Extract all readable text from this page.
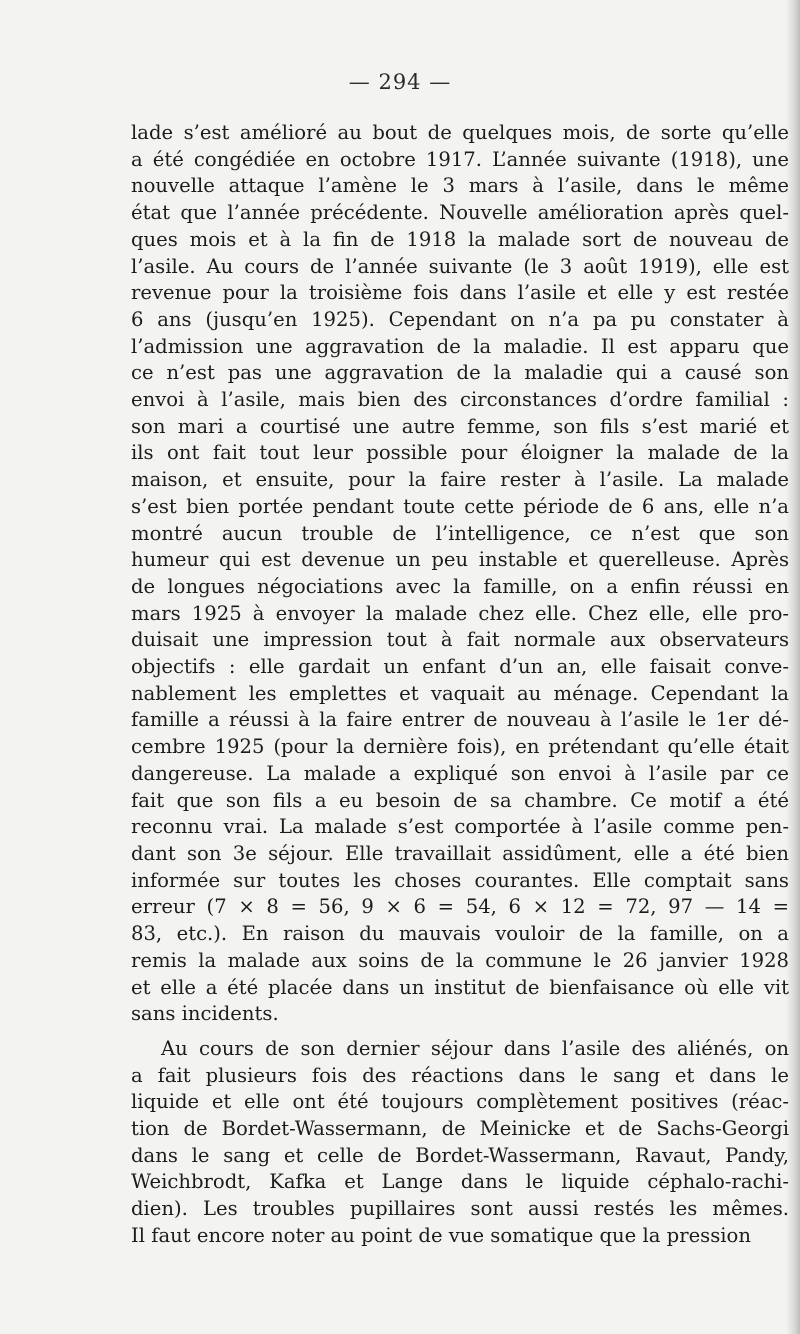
— 294 —
lade s’est amélioré au bout de quelques mois, de sorte qu’elle
a été congédiée en octobre 1917. L’année suivante (1918), une
nouvelle attaque l’amène le 3 mars à l’asile, dans le même
état que l’année précédente. Nouvelle amélioration après quel-
ques mois et à la fin de 1918 la malade sort de nouveau de
l’asile. Au cours de l’année suivante (le 3 août 1919), elle est
revenue pour la troisième fois dans l’asile et elle y est restée
6 ans (jusqu’en 1925). Cependant on n’a pa pu constater à
l’admission une aggravation de la maladie. Il est apparu que
ce n’est pas une aggravation de la maladie qui a causé son
envoi à l’asile, mais bien des circonstances d’ordre familial :
son mari a courtisé une autre femme, son fils s’est marié et
ils ont fait tout leur possible pour éloigner la malade de la
maison, et ensuite, pour la faire rester à l’asile. La malade
s’est bien portée pendant toute cette période de 6 ans, elle n’a
montré aucun trouble de l’intelligence, ce n’est que son
humeur qui est devenue un peu instable et querelleuse. Après
de longues négociations avec la famille, on a enfin réussi en
mars 1925 à envoyer la malade chez elle. Chez elle, elle pro-
duisait une impression tout à fait normale aux observateurs
objectifs : elle gardait un enfant d’un an, elle faisait conve-
nablement les emplettes et vaquait au ménage. Cependant la
famille a réussi à la faire entrer de nouveau à l’asile le 1er dé-
cembre 1925 (pour la dernière fois), en prétendant qu’elle était
dangereuse. La malade a expliqué son envoi à l’asile par ce
fait que son fils a eu besoin de sa chambre. Ce motif a été
reconnu vrai. La malade s’est comportée à l’asile comme pen-
dant son 3e séjour. Elle travaillait assidûment, elle a été bien
informée sur toutes les choses courantes. Elle comptait sans
erreur (7 × 8 = 56, 9 × 6 = 54, 6 × 12 = 72, 97 — 14 =
83, etc.). En raison du mauvais vouloir de la famille, on a
remis la malade aux soins de la commune le 26 janvier 1928
et elle a été placée dans un institut de bienfaisance où elle vit
sans incidents.
Au cours de son dernier séjour dans l’asile des aliénés, on
a fait plusieurs fois des réactions dans le sang et dans le
liquide et elle ont été toujours complètement positives (réac-
tion de Bordet-Wassermann, de Meinicke et de Sachs-Georgi
dans le sang et celle de Bordet-Wassermann, Ravaut, Pandy,
Weichbrodt, Kafka et Lange dans le liquide céphalo-rachi-
dien). Les troubles pupillaires sont aussi restés les mêmes.
Il faut encore noter au point de vue somatique que la pression
